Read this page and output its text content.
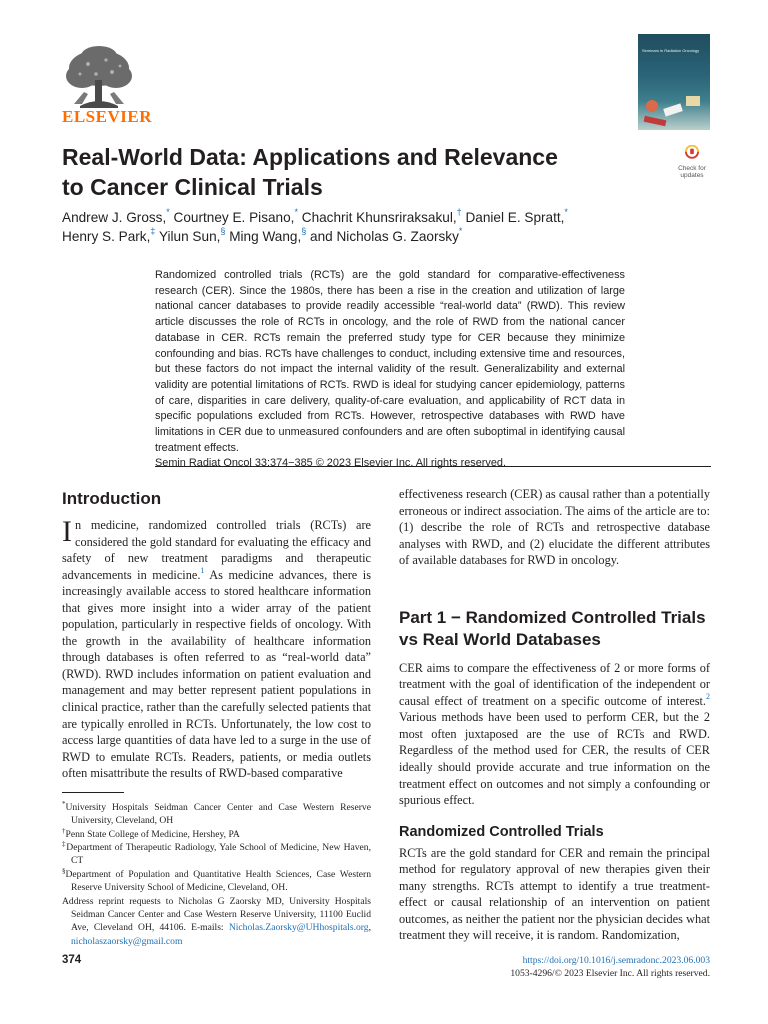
ELSEVIER
Seminars in Radiation Oncology
Real-World Data: Applications and Relevance to Cancer Clinical Trials
Check for updates
Andrew J. Gross,* Courtney E. Pisano,* Chachrit Khunsriraksakul,† Daniel E. Spratt,*
Henry S. Park,‡ Yilun Sun,§ Ming Wang,§ and Nicholas G. Zaorsky*
Randomized controlled trials (RCTs) are the gold standard for comparative-effectiveness research (CER). Since the 1980s, there has been a rise in the creation and utilization of large national cancer databases to provide readily accessible “real-world data” (RWD). This review article discusses the role of RCTs in oncology, and the role of RWD from the national cancer database in CER. RCTs remain the preferred study type for CER because they minimize confounding and bias. RCTs have challenges to conduct, including extensive time and resources, but these factors do not impact the internal validity of the result. Generalizability and external validity are potential limitations of RCTs. RWD is ideal for studying cancer epidemiology, patterns of care, disparities in care delivery, quality-of-care evaluation, and applicability of RCT data in specific populations excluded from RCTs. However, retrospective databases with RWD have limitations in CER due to unmeasured confounders and are often suboptimal in identifying causal treatment effects.
Semin Radiat Oncol 33:374−385 © 2023 Elsevier Inc. All rights reserved.
Introduction

In medicine, randomized controlled trials (RCTs) are considered the gold standard for evaluating the efficacy and safety of new treatment paradigms and therapeutic advancements in medicine.$^1$ As medicine advances, there is increasingly available access to stored healthcare information that gives more insight into a wider array of the patient population, particularly in respective fields of oncology. With the growth in the availability of healthcare information through databases is often referred to as “real-world data” (RWD). RWD includes information on patient evaluation and management and may better represent patient populations in clinical practice, rather than the carefully selected patients that are typically enrolled in RCTs. Unfortunately, the low cost to access large quantities of data have led to a surge in the use of RWD to emulate RCTs. Readers, patients, or media outlets often misattribute the results of RWD-based comparative

*University Hospitals Seidman Cancer Center and Case Western Reserve University, Cleveland, OH
†Penn State College of Medicine, Hershey, PA
‡Department of Therapeutic Radiology, Yale School of Medicine, New Haven, CT
§Department of Population and Quantitative Health Sciences, Case Western Reserve University School of Medicine, Cleveland, OH.
Address reprint requests to Nicholas G Zaorsky MD, University Hospitals Seidman Cancer Center and Case Western Reserve University, 11100 Euclid Ave, Cleveland OH, 44106. E-mails: Nicholas.Zaorsky@UHhospitals.org, nicholaszaorsky@gmail.com
effectiveness research (CER) as causal rather than a potentially erroneous or indirect association. The aims of the article are to: (1) describe the role of RCTs and retrospective database analyses with RWD, and (2) elucidate the different attributes of available databases for RWD in oncology.
Part 1 − Randomized Controlled Trials vs Real World Databases

CER aims to compare the effectiveness of 2 or more forms of treatment with the goal of identification of the independent or causal effect of treatment on a specific outcome of interest.$^2$ Various methods have been used to perform CER, but the 2 most often juxtaposed are the use of RCTs and RWD. Regardless of the method used for CER, the results of CER ideally should provide accurate and true information on the treatment effect on outcomes and not simply a confounding or spurious effect.

Randomized Controlled Trials
RCTs are the gold standard for CER and remain the principal method for regulatory approval of new therapies given their many strengths. RCTs attempt to identify a true treatment-effect or causal relationship of an intervention on patient outcomes, as neither the patient nor the physician decides what treatment they will receive, it is random. Randomization,
374	https://doi.org/10.1016/j.semradonc.2023.06.003
1053-4296/© 2023 Elsevier Inc. All rights reserved.
